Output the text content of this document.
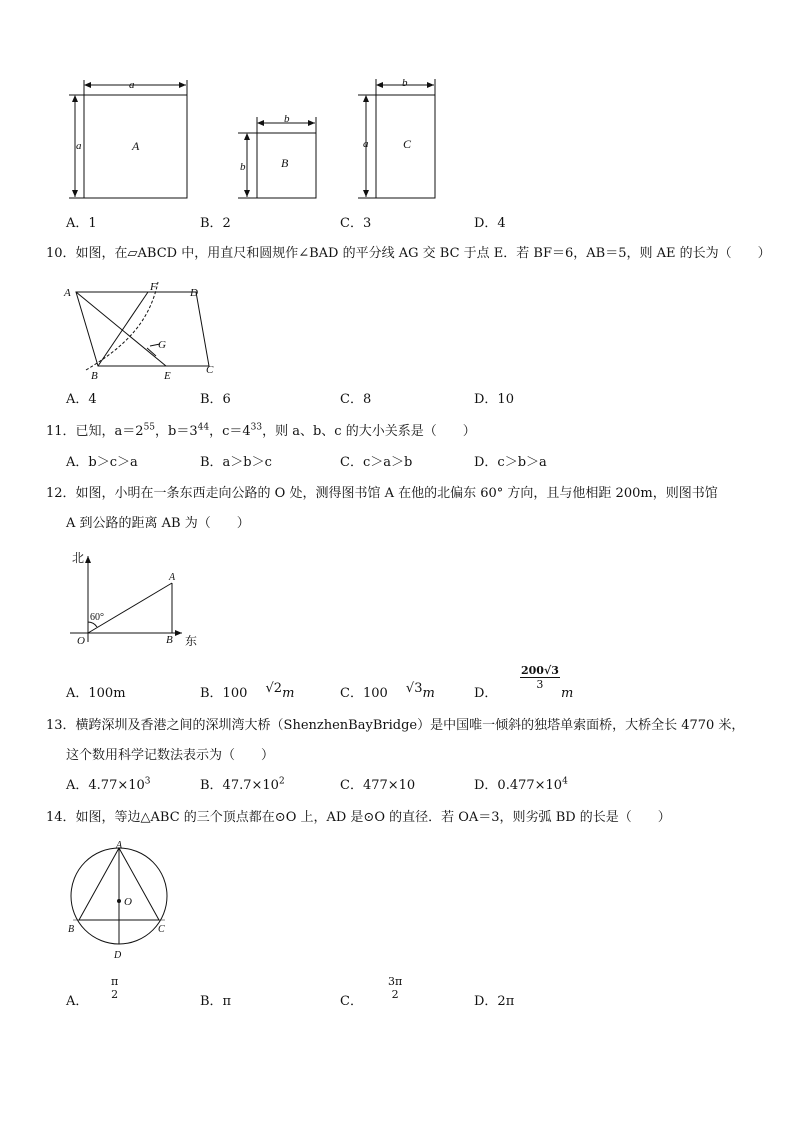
a
a	A
b
b	B
b
a	C
A．1	B．2	C．3	D．4
10．如图，在▱ABCD 中，用直尺和圆规作∠BAD 的平分线 AG 交 BC 于点 E．若 BF＝6，AB＝5，则 AE 的长为（　　）
A	F	D
G
B	E	C
A．4	B．6	C．8	D．10
11．已知，$a=2^{55}$，$b=3^{44}$，$c=4^{33}$，则 a、b、c 的大小关系是（　　）
A．b＞c＞a	B．a＞b＞c	C．c＞a＞b	D．c＞b＞a
12．如图，小明在一条东西走向公路的 O 处，测得图书馆 A 在他的北偏东 60° 方向，且与他相距 200m，则图书馆
A 到公路的距离 AB 为（　　）
北
60°
A
O	B 东
A．100m	B．100 √2m	C．100 √3m	D．
$\frac{200√3}{3}$
m
13．横跨深圳及香港之间的深圳湾大桥（ShenzhenBayBridge）是中国唯一倾斜的独塔单索面桥，大桥全长 4770 米，
这个数用科学记数法表示为（　　）
A．$4.77\times 10^3$	B．$47.7\times 10^2$	C．477×10	D．$0.477\times 10^4$
14．如图，等边△ABC 的三个顶点都在⊙O 上，AD 是⊙O 的直径．若 OA＝3，则劣弧 BD 的长是（　　）
A
O
B	C
D
A．
π
2	B．π	C．
3π
2	D．2π
